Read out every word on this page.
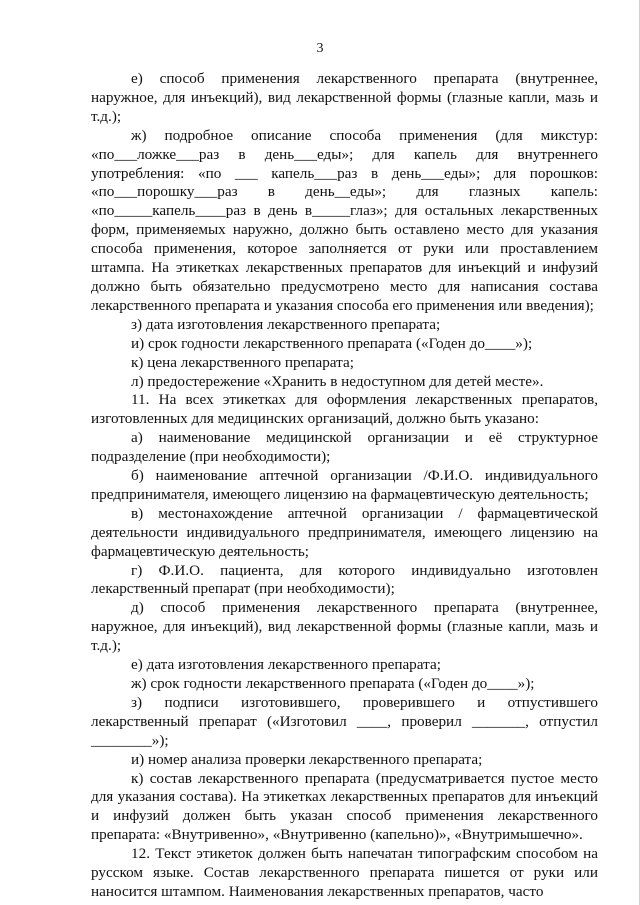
3

е) способ применения лекарственного препарата (внутреннее, наружное, для инъекций), вид лекарственной формы (глазные капли, мазь и т.д.);

ж) подробное описание способа применения (для микстур: «по___ложке___раз в день___еды»; для капель для внутреннего употребления: «по ___ капель___раз в день___еды»; для порошков: «по___порошку___раз в день__еды»; для глазных капель: «по_____капель____раз в день в_____глаз»; для остальных лекарственных форм, применяемых наружно, должно быть оставлено место для указания способа применения, которое заполняется от руки или проставлением штампа. На этикетках лекарственных препаратов для инъекций и инфузий должно быть обязательно предусмотрено место для написания состава лекарственного препарата и указания способа его применения или введения);

з) дата изготовления лекарственного препарата;

и) срок годности лекарственного препарата («Годен до____»);

к) цена лекарственного препарата;

л) предостережение «Хранить в недоступном для детей месте».

11. На всех этикетках для оформления лекарственных препаратов, изготовленных для медицинских организаций, должно быть указано:

а) наименование медицинской организации и её структурное подразделение (при необходимости);

б) наименование аптечной организации /Ф.И.О. индивидуального предпринимателя, имеющего лицензию на фармацевтическую деятельность;

в) местонахождение аптечной организации / фармацевтической деятельности индивидуального предпринимателя, имеющего лицензию на фармацевтическую деятельность;

г) Ф.И.О. пациента, для которого индивидуально изготовлен лекарственный препарат (при необходимости);

д) способ применения лекарственного препарата (внутреннее, наружное, для инъекций), вид лекарственной формы (глазные капли, мазь и т.д.);

е) дата изготовления лекарственного препарата;

ж) срок годности лекарственного препарата («Годен до____»);

з) подписи изготовившего, проверившего и отпустившего лекарственный препарат («Изготовил ____, проверил _______, отпустил ________»);

и) номер анализа проверки лекарственного препарата;

к) состав лекарственного препарата (предусматривается пустое место для указания состава). На этикетках лекарственных препаратов для инъекций и инфузий должен быть указан способ применения лекарственного препарата: «Внутривенно», «Внутривенно (капельно)», «Внутримышечно».

12. Текст этикеток должен быть напечатан типографским способом на русском языке. Состав лекарственного препарата пишется от руки или наносится штампом. Наименования лекарственных препаратов, часто
